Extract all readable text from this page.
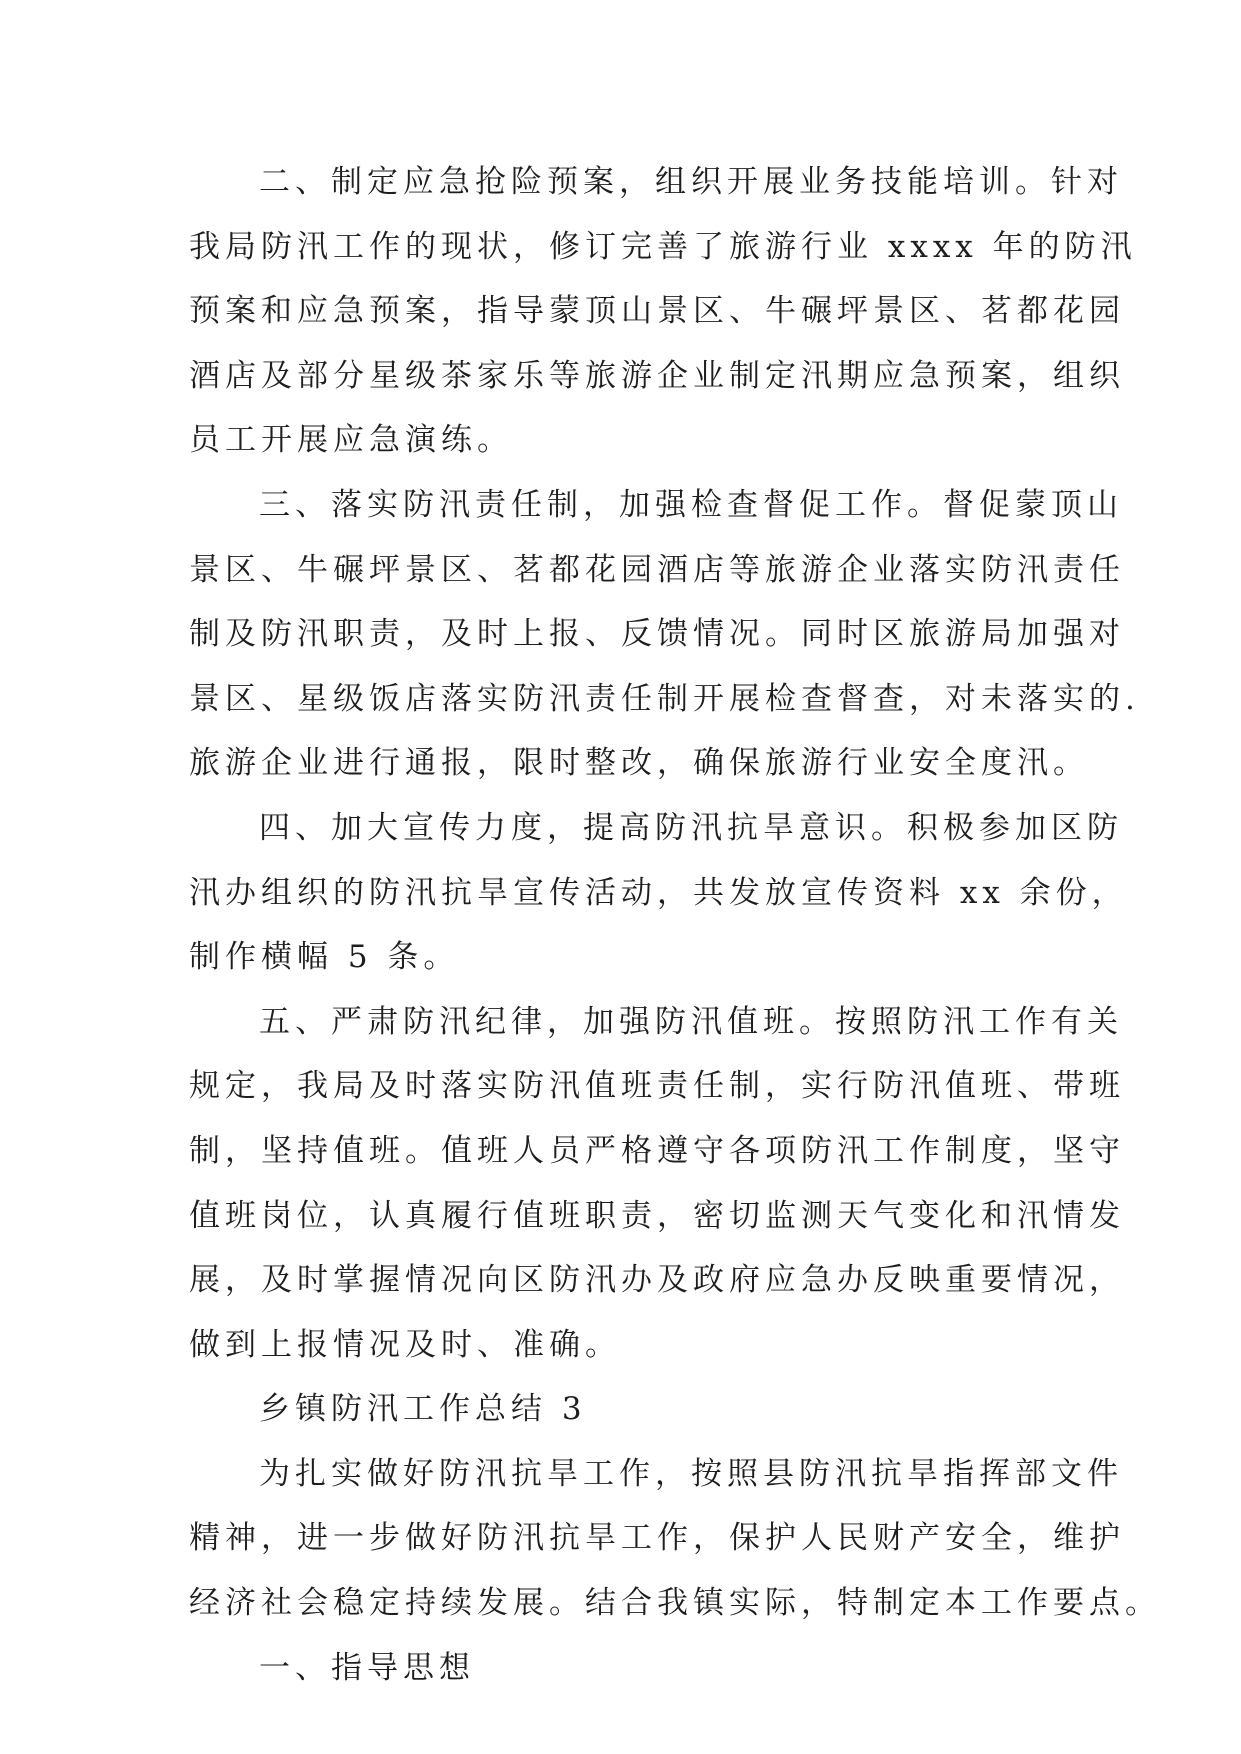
二、制定应急抢险预案，组织开展业务技能培训。针对
我局防汛工作的现状，修订完善了旅游行业 xxxx 年的防汛
预案和应急预案，指导蒙顶山景区、牛碾坪景区、茗都花园
酒店及部分星级茶家乐等旅游企业制定汛期应急预案，组织
员工开展应急演练。
三、落实防汛责任制，加强检查督促工作。督促蒙顶山
景区、牛碾坪景区、茗都花园酒店等旅游企业落实防汛责任
制及防汛职责，及时上报、反馈情况。同时区旅游局加强对
景区、星级饭店落实防汛责任制开展检查督查，对未落实的.
旅游企业进行通报，限时整改，确保旅游行业安全度汛。
四、加大宣传力度，提高防汛抗旱意识。积极参加区防
汛办组织的防汛抗旱宣传活动，共发放宣传资料 xx 余份，
制作横幅 5 条。
五、严肃防汛纪律，加强防汛值班。按照防汛工作有关
规定，我局及时落实防汛值班责任制，实行防汛值班、带班
制，坚持值班。值班人员严格遵守各项防汛工作制度，坚守
值班岗位，认真履行值班职责，密切监测天气变化和汛情发
展，及时掌握情况向区防汛办及政府应急办反映重要情况，
做到上报情况及时、准确。
乡镇防汛工作总结 3
为扎实做好防汛抗旱工作，按照县防汛抗旱指挥部文件
精神，进一步做好防汛抗旱工作，保护人民财产安全，维护
经济社会稳定持续发展。结合我镇实际，特制定本工作要点。
一、指导思想
